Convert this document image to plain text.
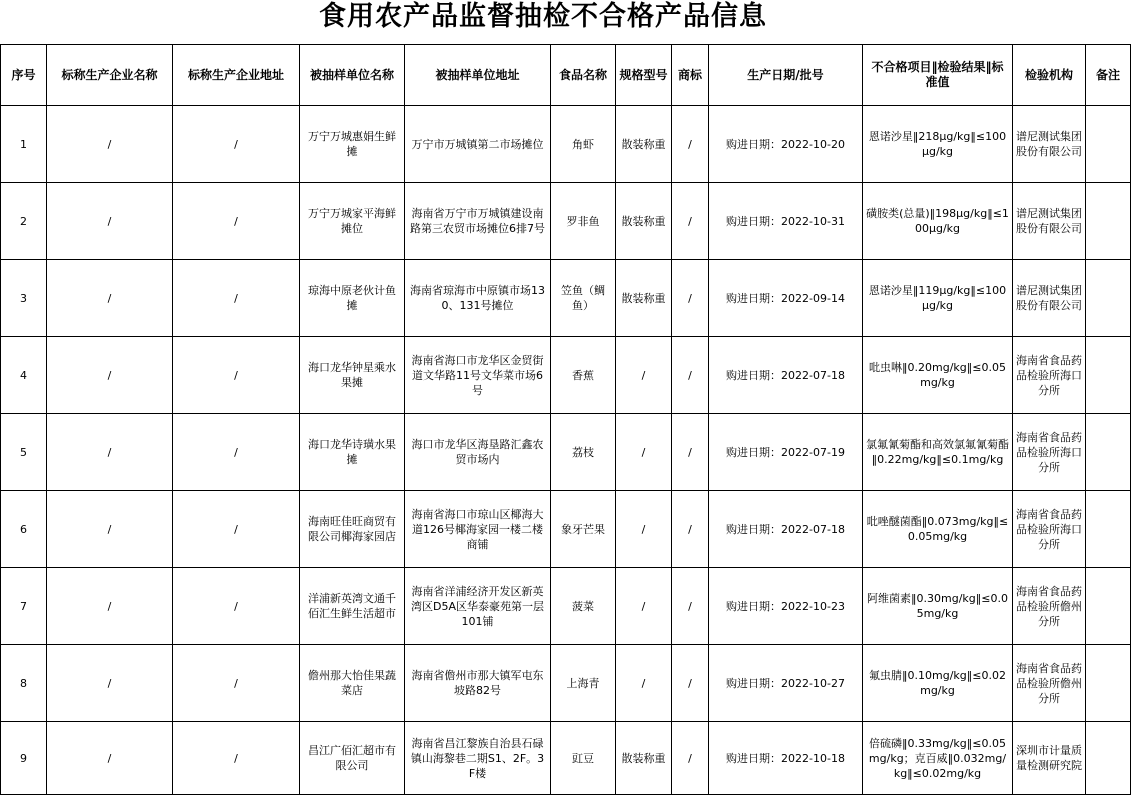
食用农产品监督抽检不合格产品信息
序号	标称生产企业名称	标称生产企业地址	被抽样单位名称	被抽样单位地址	食品名称	规格型号	商标	生产日期/批号	不合格项目‖检验结果‖标准值	检验机构	备注
1	/	/	万宁万城惠娟生鲜摊	万宁市万城镇第二市场摊位	角虾	散装称重	/	购进日期：2022-10-20	恩诺沙星‖218μg/kg‖≤100μg/kg	谱尼测试集团股份有限公司	
2	/	/	万宁万城家平海鲜摊位	海南省万宁市万城镇建设南路第三农贸市场摊位6排7号	罗非鱼	散装称重	/	购进日期：2022-10-31	磺胺类(总量)‖198μg/kg‖≤100μg/kg	谱尼测试集团股份有限公司	
3	/	/	琼海中原老伙计鱼摊	海南省琼海市中原镇市场130、131号摊位	笠鱼（鲷鱼）	散装称重	/	购进日期：2022-09-14	恩诺沙星‖119μg/kg‖≤100μg/kg	谱尼测试集团股份有限公司	
4	/	/	海口龙华钟星乘水果摊	海南省海口市龙华区金贸街道文华路11号文华菜市场6号	香蕉	/	/	购进日期：2022-07-18	吡虫啉‖0.20mg/kg‖≤0.05mg/kg	海南省食品药品检验所海口分所	
5	/	/	海口龙华诗璜水果摊	海口市龙华区海垦路汇鑫农贸市场内	荔枝	/	/	购进日期：2022-07-19	氯氟氰菊酯和高效氯氟氰菊酯‖0.22mg/kg‖≤0.1mg/kg	海南省食品药品检验所海口分所	
6	/	/	海南旺佳旺商贸有限公司椰海家园店	海南省海口市琼山区椰海大道126号椰海家园一楼二楼商铺	象牙芒果	/	/	购进日期：2022-07-18	吡唑醚菌酯‖0.073mg/kg‖≤0.05mg/kg	海南省食品药品检验所海口分所	
7	/	/	洋浦新英湾文通千佰汇生鲜生活超市	海南省洋浦经济开发区新英湾区D5A区华泰豪苑第一层101铺	菠菜	/	/	购进日期：2022-10-23	阿维菌素‖0.30mg/kg‖≤0.05mg/kg	海南省食品药品检验所儋州分所	
8	/	/	儋州那大怡佳果蔬菜店	海南省儋州市那大镇军屯东坡路82号	上海青	/	/	购进日期：2022-10-27	氟虫腈‖0.10mg/kg‖≤0.02mg/kg	海南省食品药品检验所儋州分所	
9	/	/	昌江广佰汇超市有限公司	海南省昌江黎族自治县石碌镇山海黎巷二期S1、2F。3F楼	豇豆	散装称重	/	购进日期：2022-10-18	倍硫磷‖0.33mg/kg‖≤0.05mg/kg；克百威‖0.032mg/kg‖≤0.02mg/kg	深圳市计量质量检测研究院	
